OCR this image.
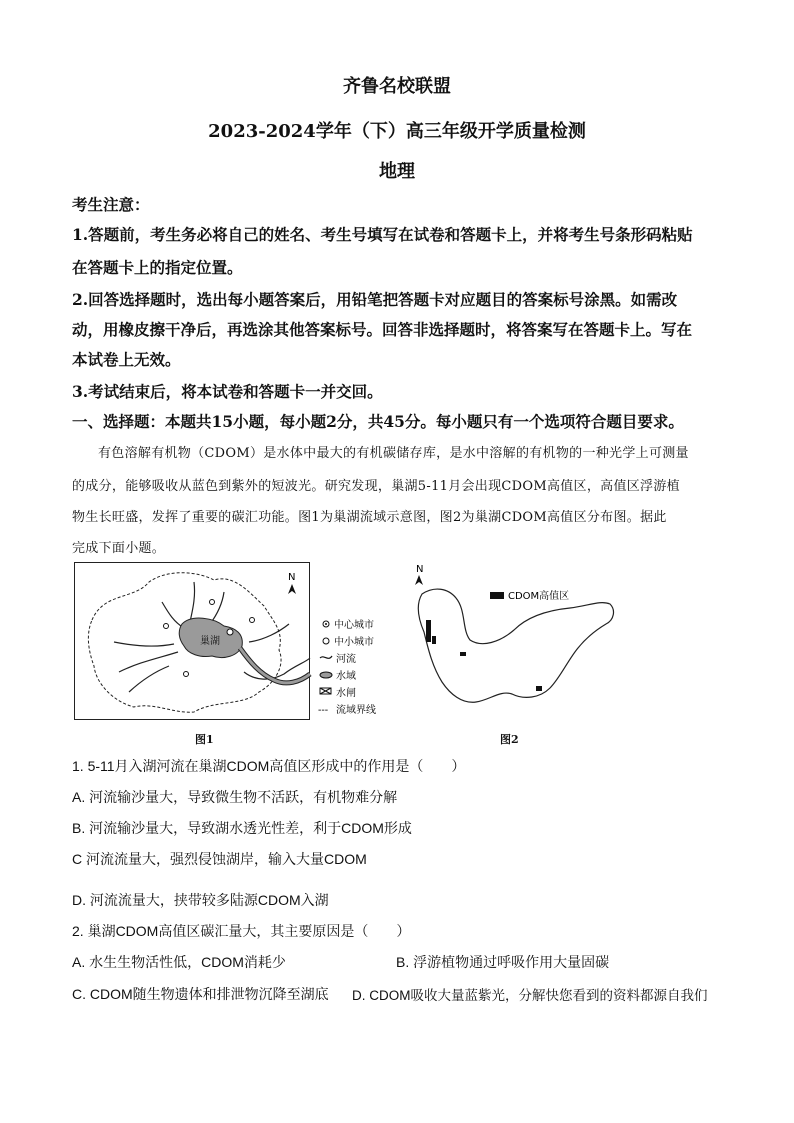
齐鲁名校联盟
2023-2024学年（下）高三年级开学质量检测
地理
考生注意：
1.答题前，考生务必将自己的姓名、考生号填写在试卷和答题卡上，并将考生号条形码粘贴
在答题卡上的指定位置。
2.回答选择题时，选出每小题答案后，用铅笔把答题卡对应题目的答案标号涂黑。如需改
动，用橡皮擦干净后，再选涂其他答案标号。回答非选择题时，将答案写在答题卡上。写在
本试卷上无效。
3.考试结束后，将本试卷和答题卡一并交回。
一、选择题：本题共15小题，每小题2分，共45分。每小题只有一个选项符合题目要求。
有色溶解有机物（CDOM）是水体中最大的有机碳储存库，是水中溶解的有机物的一种光学上可测量
的成分，能够吸收从蓝色到紫外的短波光。研究发现，巢湖5-11月会出现CDOM高值区，高值区浮游植
物生长旺盛，发挥了重要的碳汇功能。图1为巢湖流域示意图，图2为巢湖CDOM高值区分布图。据此
完成下面小题。
巢湖
N
中心城市
中小城市
河流
水域
水闸
--- 流域界线
图1
N
CDOM高值区
图2
1. 5-11月入湖河流在巢湖CDOM高值区形成中的作用是（　　）
A. 河流输沙量大，导致微生物不活跃，有机物难分解
B. 河流输沙量大，导致湖水透光性差，利于CDOM形成
C 河流流量大，强烈侵蚀湖岸，输入大量CDOM
D. 河流流量大，挟带较多陆源CDOM入湖
2. 巢湖CDOM高值区碳汇量大，其主要原因是（　　）
A. 水生生物活性低，CDOM消耗少	B. 浮游植物通过呼吸作用大量固碳
C. CDOM随生物遗体和排泄物沉降至湖底 D. CDOM吸收大量蓝紫光，分解快您看到的资料都源自我们
